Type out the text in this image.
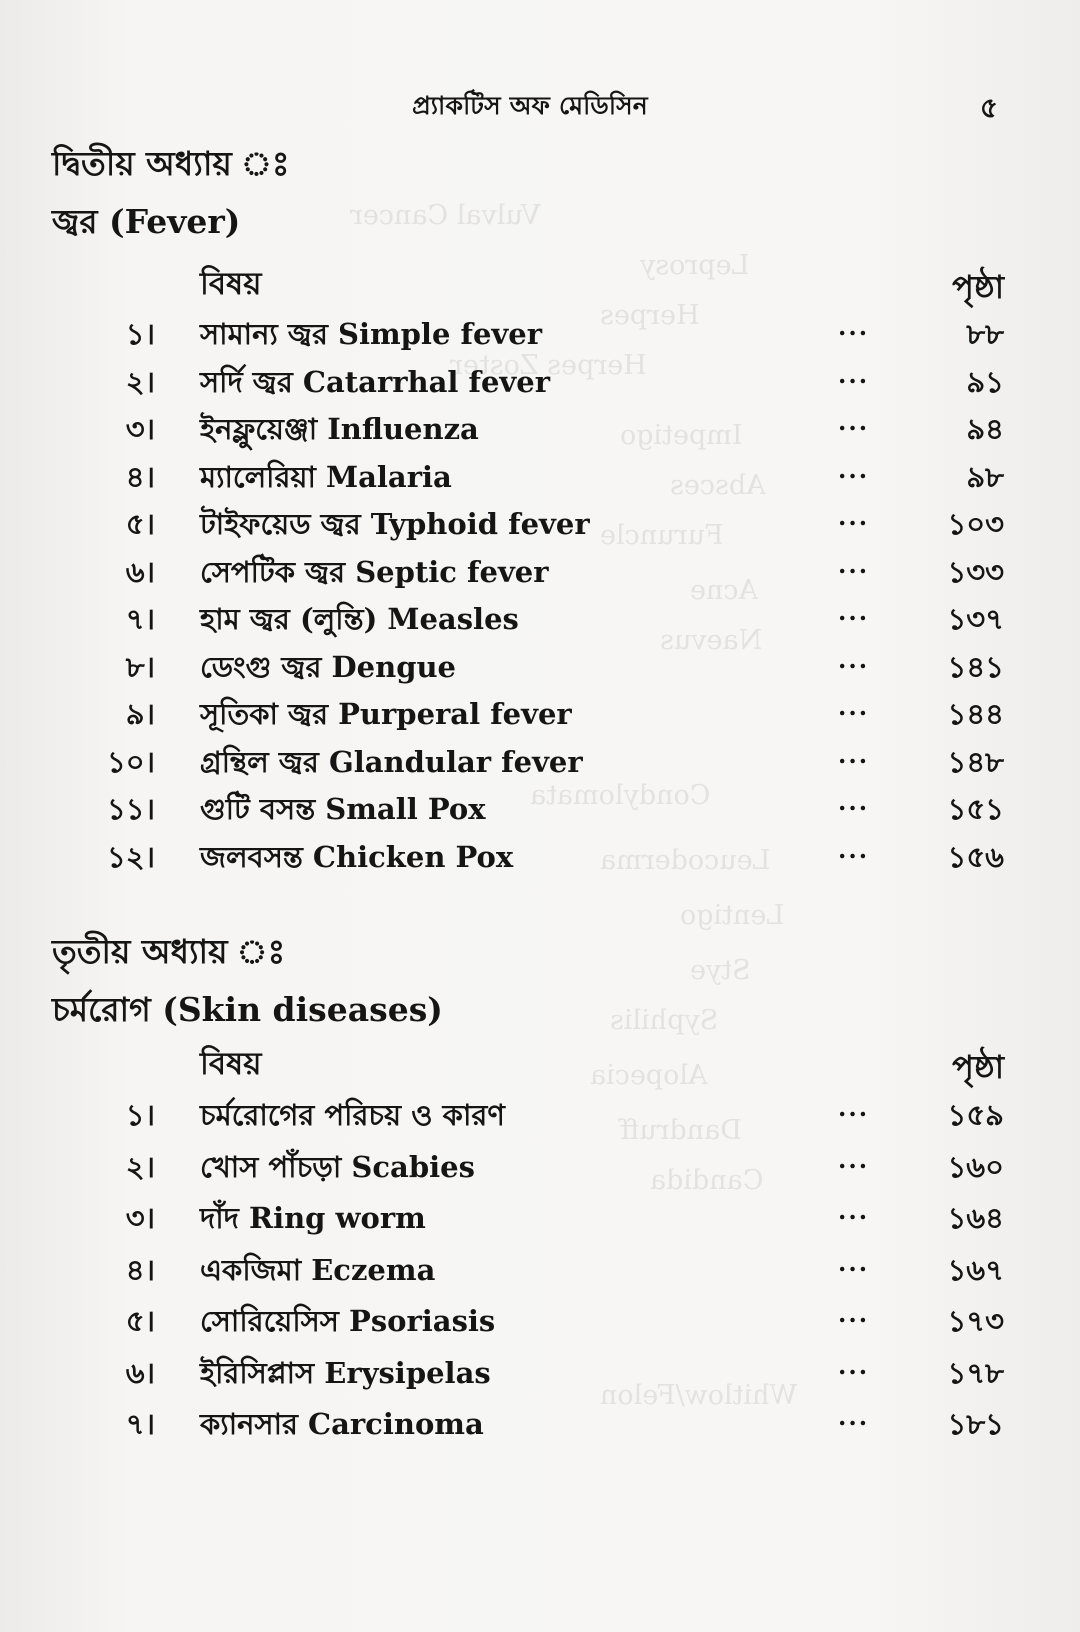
Vulval Cancer
Leprosy
Herpes
Herpes Zoster
Impetigo
Absces
Furuncle
Acne
Naevus
Condylomata
Leucoderma
Lentigo
Stye
Syphilis
Alopecia
Dandruff
Candida
Whitlow/Felon
প্র্যাকটিস অফ মেডিসিন	৫

দ্বিতীয় অধ্যায় ঃ

জ্বর (Fever)

বিষয়	পৃষ্ঠা
১। সামান্য জ্বর Simple fever	...	৮৮
২। সর্দি জ্বর Catarrhal fever	...	৯১
৩। ইনফ্লুয়েঞ্জা Influenza	...	৯৪
৪। ম্যালেরিয়া Malaria	...	৯৮
৫। টাইফয়েড জ্বর Typhoid fever	...	১০৩
৬। সেপটিক জ্বর Septic fever	...	১৩৩
৭। হাম জ্বর (লুন্তি) Measles	...	১৩৭
৮। ডেংগু জ্বর Dengue	...	১৪১
৯। সূতিকা জ্বর Purperal fever	...	১৪৪
১০। গ্রন্থিল জ্বর Glandular fever	...	১৪৮
১১। গুটি বসন্ত Small Pox	...	১৫১
১২। জলবসন্ত Chicken Pox	...	১৫৬

তৃতীয় অধ্যায় ঃ

চর্মরোগ (Skin diseases)

বিষয়	পৃষ্ঠা
১। চর্মরোগের পরিচয় ও কারণ	...	১৫৯
২। খোস পাঁচড়া Scabies	...	১৬০
৩। দাঁদ Ring worm	...	১৬৪
৪। একজিমা Eczema	...	১৬৭
৫। সোরিয়েসিস Psoriasis	...	১৭৩
৬। ইরিসিপ্লাস Erysipelas	...	১৭৮
৭। ক্যানসার Carcinoma	...	১৮১
